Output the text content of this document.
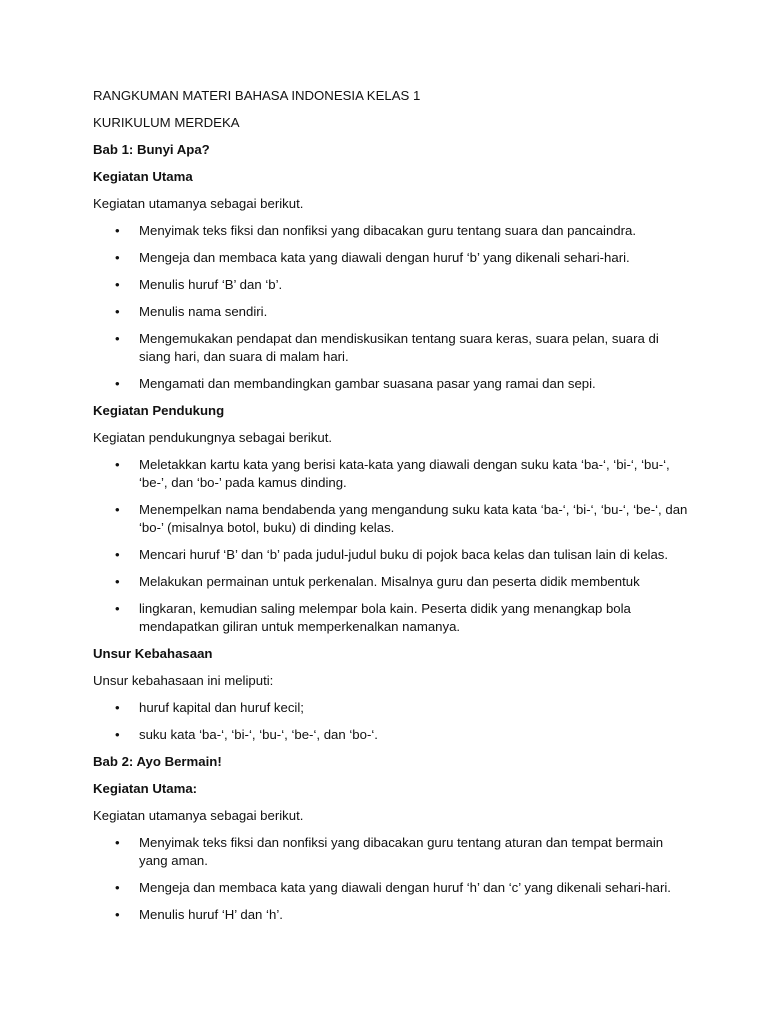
RANGKUMAN MATERI BAHASA INDONESIA KELAS 1

KURIKULUM MERDEKA

Bab 1: Bunyi Apa?

Kegiatan Utama

Kegiatan utamanya sebagai berikut.

• Menyimak teks fiksi dan nonfiksi yang dibacakan guru tentang suara dan pancaindra.
• Mengeja dan membaca kata yang diawali dengan huruf ‘b’ yang dikenali sehari-hari.
• Menulis huruf ‘B’ dan ‘b’.
• Menulis nama sendiri.
• Mengemukakan pendapat dan mendiskusikan tentang suara keras, suara pelan, suara di siang hari, dan suara di malam hari.
• Mengamati dan membandingkan gambar suasana pasar yang ramai dan sepi.

Kegiatan Pendukung

Kegiatan pendukungnya sebagai berikut.

• Meletakkan kartu kata yang berisi kata-kata yang diawali dengan suku kata ‘ba-‘, ‘bi-‘, ‘bu-‘, ‘be-’, dan ‘bo-’ pada kamus dinding.
• Menempelkan nama bendabenda yang mengandung suku kata kata ‘ba-‘, ‘bi-‘, ‘bu-‘, ‘be-‘, dan ‘bo-’ (misalnya botol, buku) di dinding kelas.
• Mencari huruf ‘B’ dan ‘b’ pada judul-judul buku di pojok baca kelas dan tulisan lain di kelas.
• Melakukan permainan untuk perkenalan. Misalnya guru dan peserta didik membentuk
• lingkaran, kemudian saling melempar bola kain. Peserta didik yang menangkap bola mendapatkan giliran untuk memperkenalkan namanya.

Unsur Kebahasaan

Unsur kebahasaan ini meliputi:

• huruf kapital dan huruf kecil;
• suku kata ‘ba-‘, ‘bi-‘, ‘bu-‘, ‘be-‘, dan ‘bo-‘.

Bab 2: Ayo Bermain!

Kegiatan Utama:

Kegiatan utamanya sebagai berikut.

• Menyimak teks fiksi dan nonfiksi yang dibacakan guru tentang aturan dan tempat bermain yang aman.
• Mengeja dan membaca kata yang diawali dengan huruf ‘h’ dan ‘c’ yang dikenali sehari-hari.
• Menulis huruf ‘H’ dan ‘h’.
